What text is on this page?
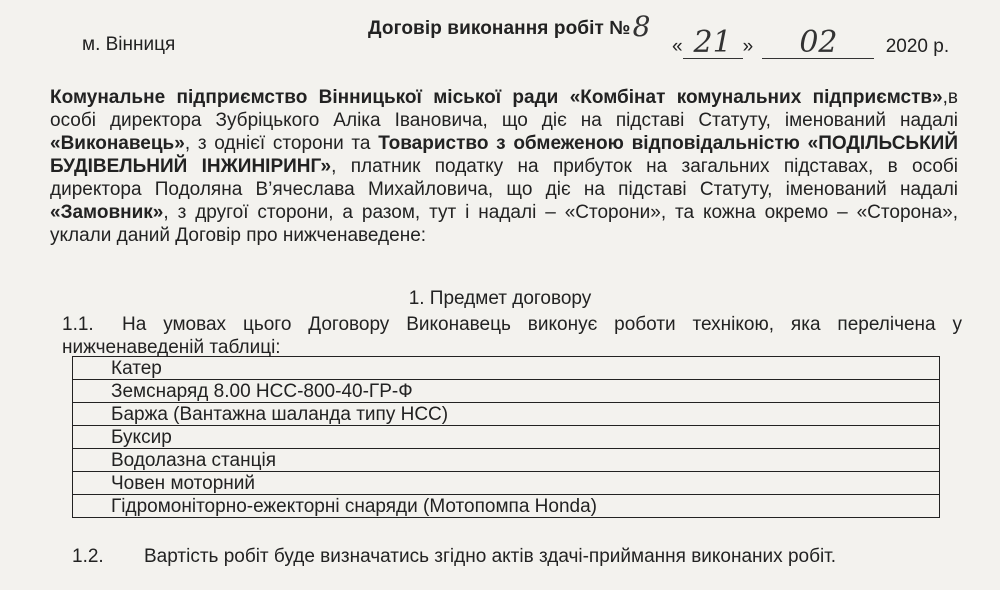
Договір виконання робіт №8
м. Вінниця	« 21 » 02	2020 р.
Комунальне підприємство Вінницької міської ради «Комбінат комунальних підприємств»,в особі директора Зубріцького Аліка Івановича, що діє на підставі Статуту, іменований надалі «Виконавець», з однієї сторони та Товариство з обмеженою відповідальністю «ПОДІЛЬСЬКИЙ БУДІВЕЛЬНИЙ ІНЖИНІРИНГ», платник податку на прибуток на загальних підставах, в особі директора Подоляна В’ячеслава Михайловича, що діє на підставі Статуту, іменований надалі «Замовник», з другої сторони, а разом, тут і надалі – «Сторони», та кожна окремо – «Сторона», уклали даний Договір про нижченаведене:
1. Предмет договору
1.1. На умовах цього Договору Виконавець виконує роботи технікою, яка перелічена у нижченаведеній таблиці:
Катер
Земснаряд 8.00 НСС-800-40-ГР-Ф
Баржа (Вантажна шаланда типу НСС)
Буксир
Водолазна станція
Човен моторний
Гідромоніторно-ежекторні снаряди (Мотопомпа Honda)
1.2. Вартість робіт буде визначатись згідно актів здачі-приймання виконаних робіт.
